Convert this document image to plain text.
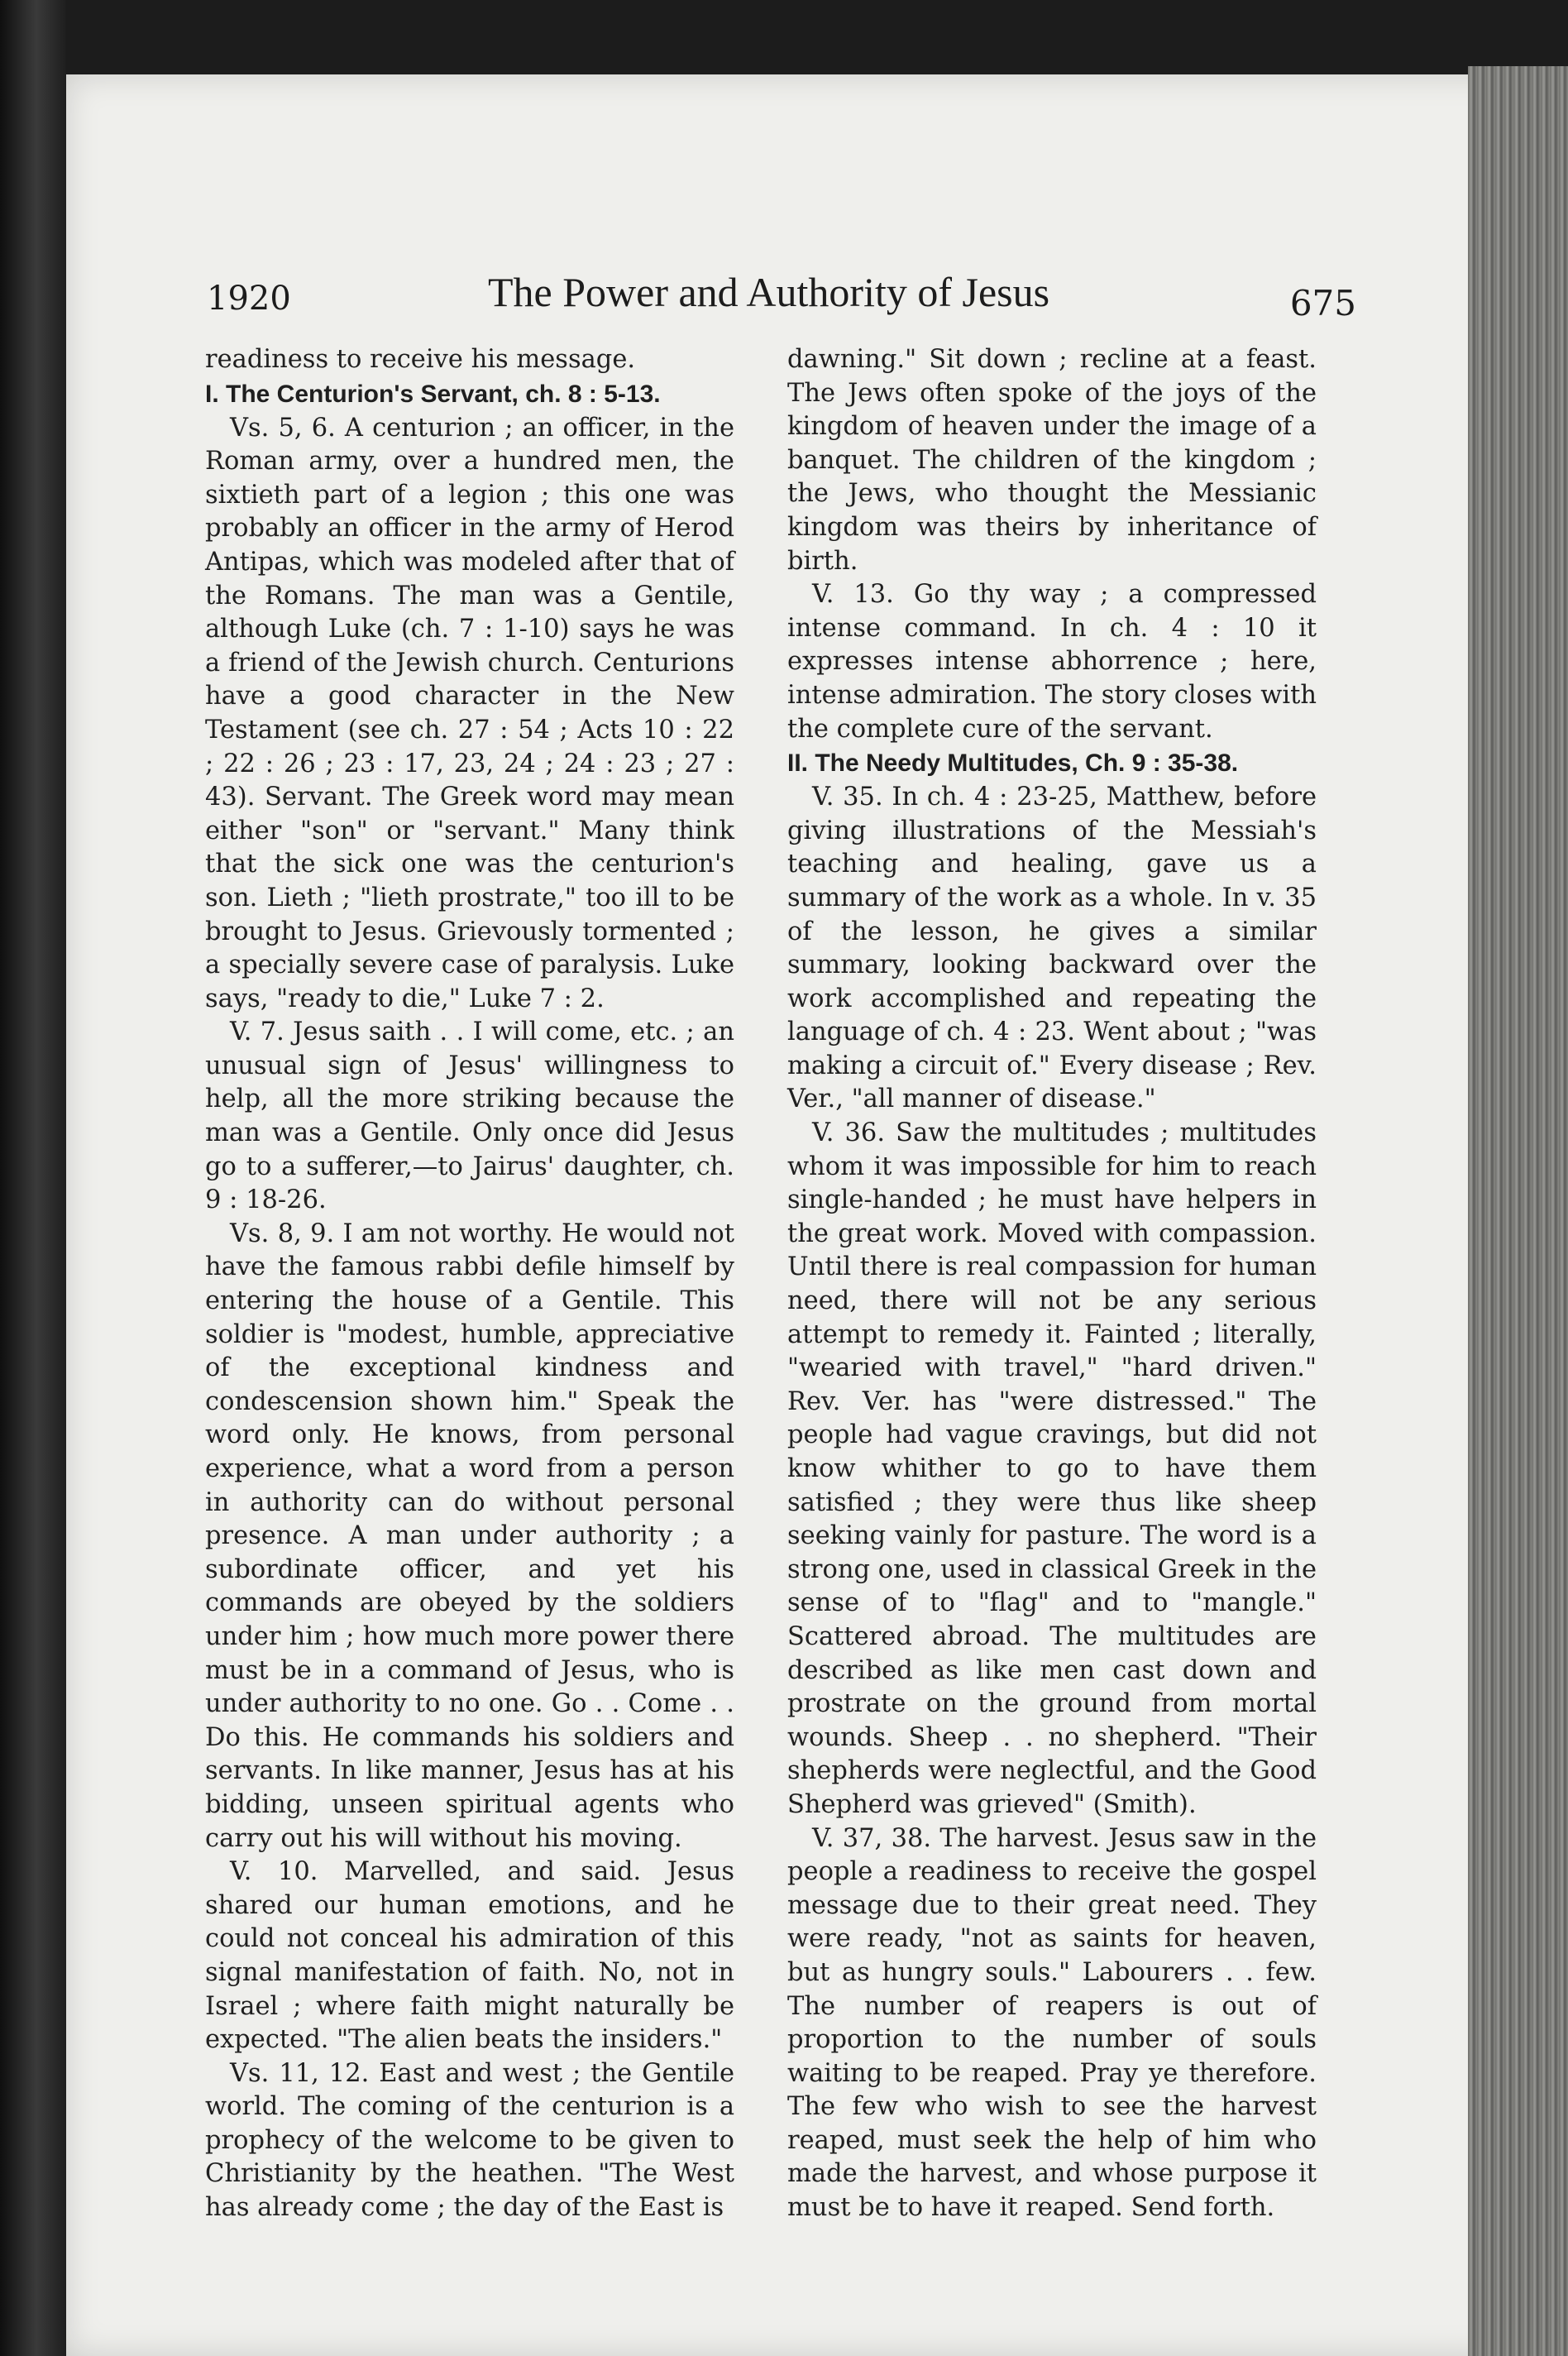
1920	The Power and Authority of Jesus	675

readiness to receive his message.

I. The Centurion's Servant, ch. 8 : 5-13.

Vs. 5, 6. A centurion ; an officer, in the Roman army, over a hundred men, the sixtieth part of a legion ; this one was probably an officer in the army of Herod Antipas, which was modeled after that of the Romans. The man was a Gentile, although Luke (ch. 7 : 1-10) says he was a friend of the Jewish church. Centurions have a good character in the New Testament (see ch. 27 : 54 ; Acts 10 : 22 ; 22 : 26 ; 23 : 17, 23, 24 ; 24 : 23 ; 27 : 43). Servant. The Greek word may mean either "son" or "servant." Many think that the sick one was the centurion's son. Lieth ; "lieth prostrate," too ill to be brought to Jesus. Grievously tormented ; a specially severe case of paralysis. Luke says, "ready to die," Luke 7 : 2.

V. 7. Jesus saith . . I will come, etc. ; an unusual sign of Jesus' willingness to help, all the more striking because the man was a Gentile. Only once did Jesus go to a sufferer,—to Jairus' daughter, ch. 9 : 18-26.

Vs. 8, 9. I am not worthy. He would not have the famous rabbi defile himself by entering the house of a Gentile. This soldier is "modest, humble, appreciative of the exceptional kindness and condescension shown him." Speak the word only. He knows, from personal experience, what a word from a person in authority can do without personal presence. A man under authority ; a subordinate officer, and yet his commands are obeyed by the soldiers under him ; how much more power there must be in a command of Jesus, who is under authority to no one. Go . . Come . . Do this. He commands his soldiers and servants. In like manner, Jesus has at his bidding, unseen spiritual agents who carry out his will without his moving.

V. 10. Marvelled, and said. Jesus shared our human emotions, and he could not conceal his admiration of this signal manifestation of faith. No, not in Israel ; where faith might naturally be expected. "The alien beats the insiders."

Vs. 11, 12. East and west ; the Gentile world. The coming of the centurion is a prophecy of the welcome to be given to Christianity by the heathen. "The West has already come ; the day of the East is

dawning." Sit down ; recline at a feast. The Jews often spoke of the joys of the kingdom of heaven under the image of a banquet. The children of the kingdom ; the Jews, who thought the Messianic kingdom was theirs by inheritance of birth.

V. 13. Go thy way ; a compressed intense command. In ch. 4 : 10 it expresses intense abhorrence ; here, intense admiration. The story closes with the complete cure of the servant.

II. The Needy Multitudes, Ch. 9 : 35-38.

V. 35. In ch. 4 : 23-25, Matthew, before giving illustrations of the Messiah's teaching and healing, gave us a summary of the work as a whole. In v. 35 of the lesson, he gives a similar summary, looking backward over the work accomplished and repeating the language of ch. 4 : 23. Went about ; "was making a circuit of." Every disease ; Rev. Ver., "all manner of disease."

V. 36. Saw the multitudes ; multitudes whom it was impossible for him to reach single-handed ; he must have helpers in the great work. Moved with compassion. Until there is real compassion for human need, there will not be any serious attempt to remedy it. Fainted ; literally, "wearied with travel," "hard driven." Rev. Ver. has "were distressed." The people had vague cravings, but did not know whither to go to have them satisfied ; they were thus like sheep seeking vainly for pasture. The word is a strong one, used in classical Greek in the sense of to "flag" and to "mangle." Scattered abroad. The multitudes are described as like men cast down and prostrate on the ground from mortal wounds. Sheep . . no shepherd. "Their shepherds were neglectful, and the Good Shepherd was grieved" (Smith).

V. 37, 38. The harvest. Jesus saw in the people a readiness to receive the gospel message due to their great need. They were ready, "not as saints for heaven, but as hungry souls." Labourers . . few. The number of reapers is out of proportion to the number of souls waiting to be reaped. Pray ye therefore. The few who wish to see the harvest reaped, must seek the help of him who made the harvest, and whose purpose it must be to have it reaped. Send forth.
